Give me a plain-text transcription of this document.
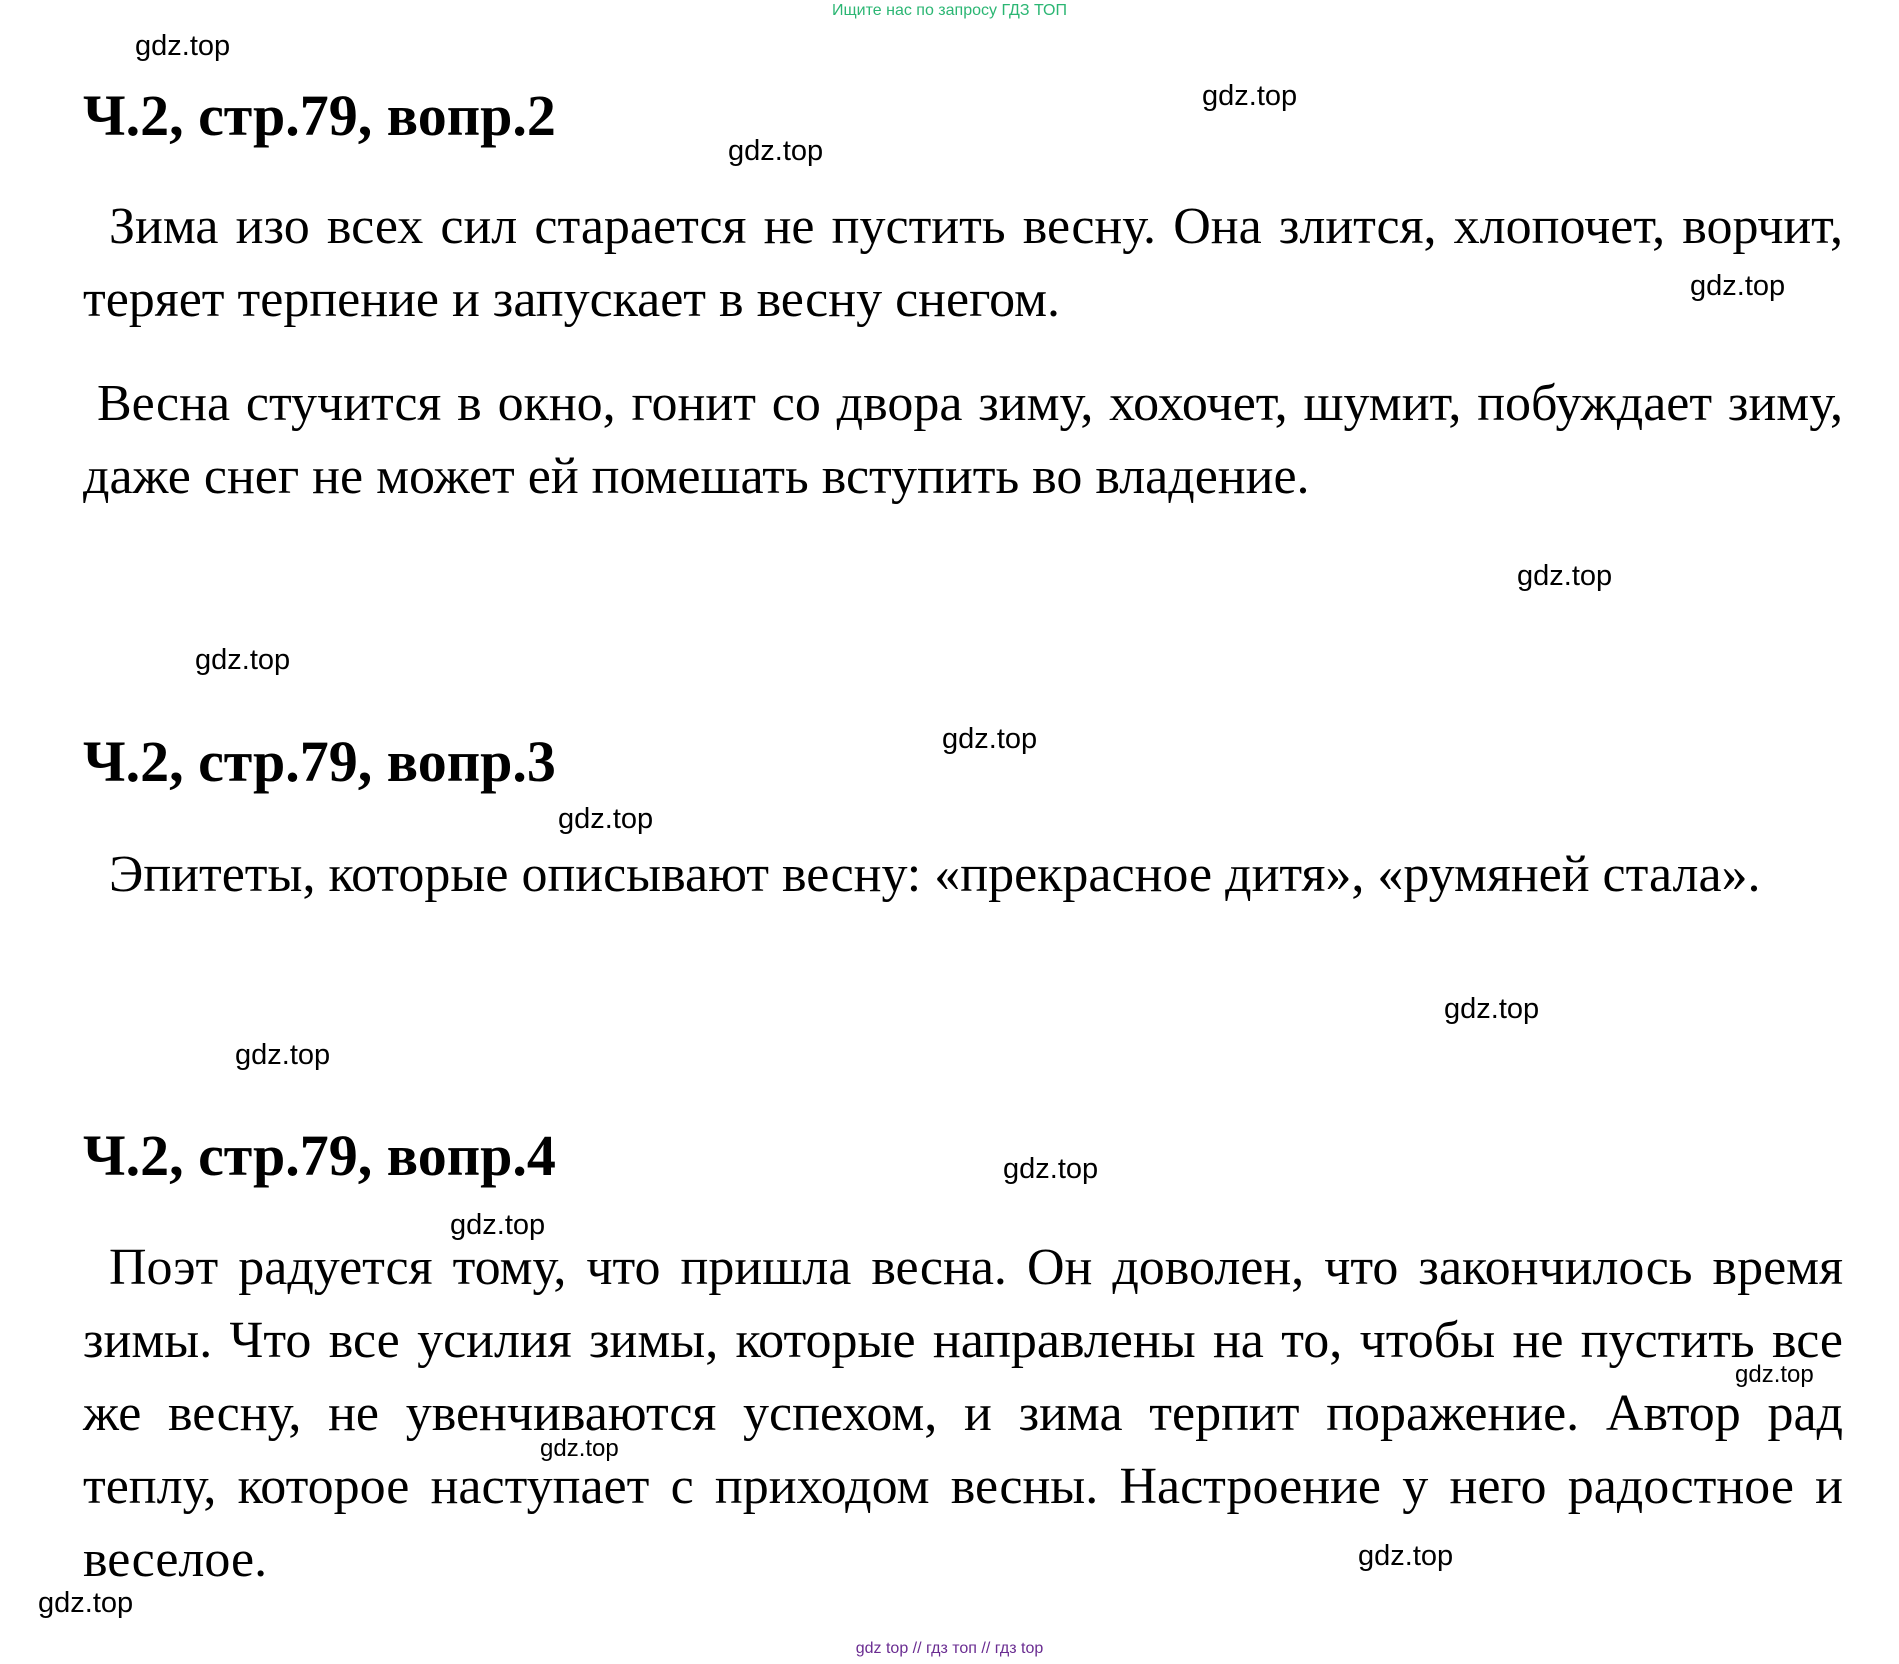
Ищите нас по запросу ГДЗ ТОП
Ч.2, стр.79, вопр.2

Зима изо всех сил старается не пустить весну. Она злится, хлопочет, ворчит, теряет терпение и запускает в весну снегом.

Весна стучится в окно, гонит со двора зиму, хохочет, шумит, побуждает зиму, даже снег не может ей помешать вступить во владение.

Ч.2, стр.79, вопр.3

Эпитеты, которые описывают весну: «прекрасное дитя», «румяней стала».

Ч.2, стр.79, вопр.4

Поэт радуется тому, что пришла весна. Он доволен, что закончилось время зимы. Что все усилия зимы, которые направлены на то, чтобы не пустить все же весну, не увенчиваются успехом, и зима терпит поражение. Автор рад теплу, которое наступает с приходом весны. Настроение у него радостное и веселое.

gdz.top
gdz.top
gdz.top
gdz.top
gdz.top
gdz.top
gdz.top
gdz.top
gdz.top
gdz.top
gdz.top
gdz.top
gdz.top
gdz.top
gdz.top
gdz.top
gdz top // гдз топ // гдз top
